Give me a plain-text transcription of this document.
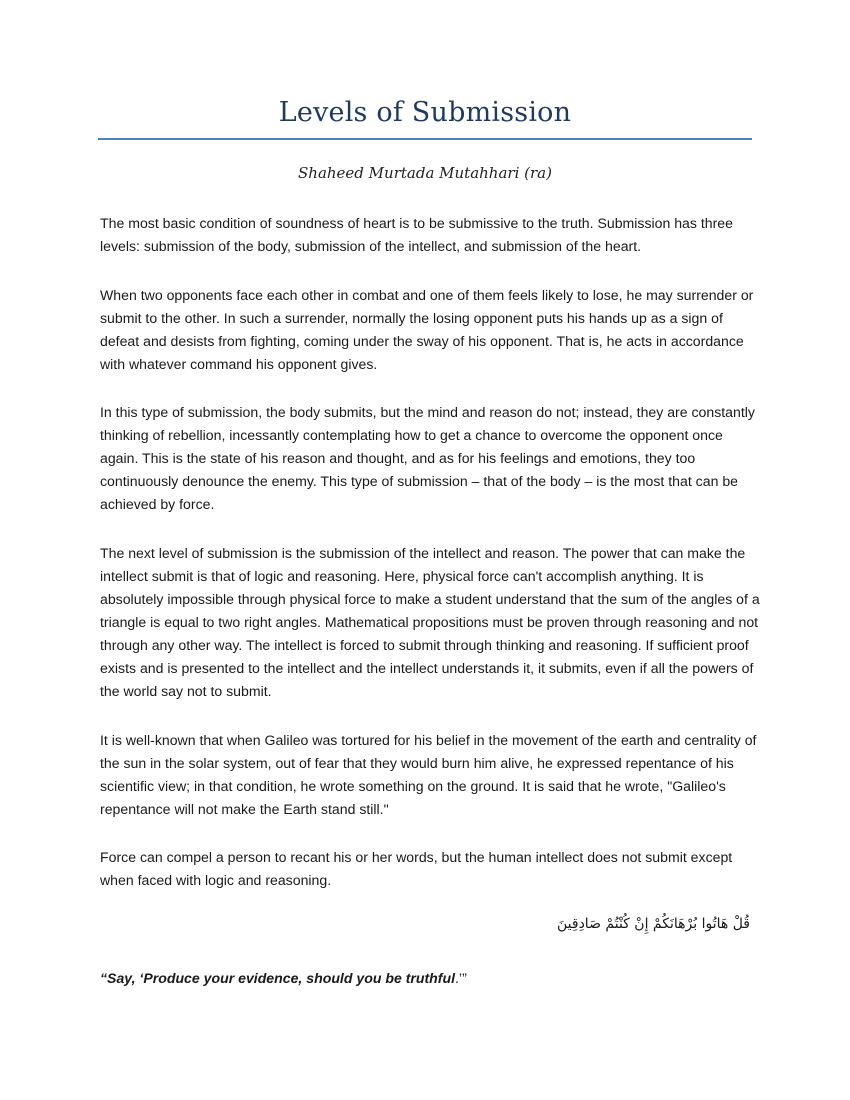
Levels of Submission

Shaheed Murtada Mutahhari (ra)

The most basic condition of soundness of heart is to be submissive to the truth. Submission has three levels: submission of the body, submission of the intellect, and submission of the heart.

When two opponents face each other in combat and one of them feels likely to lose, he may surrender or submit to the other. In such a surrender, normally the losing opponent puts his hands up as a sign of defeat and desists from fighting, coming under the sway of his opponent. That is, he acts in accordance with whatever command his opponent gives.

In this type of submission, the body submits, but the mind and reason do not; instead, they are constantly thinking of rebellion, incessantly contemplating how to get a chance to overcome the opponent once again. This is the state of his reason and thought, and as for his feelings and emotions, they too continuously denounce the enemy. This type of submission – that of the body – is the most that can be achieved by force.

The next level of submission is the submission of the intellect and reason. The power that can make the intellect submit is that of logic and reasoning. Here, physical force can't accomplish anything. It is absolutely impossible through physical force to make a student understand that the sum of the angles of a triangle is equal to two right angles. Mathematical propositions must be proven through reasoning and not through any other way. The intellect is forced to submit through thinking and reasoning. If sufficient proof exists and is presented to the intellect and the intellect understands it, it submits, even if all the powers of the world say not to submit.

It is well-known that when Galileo was tortured for his belief in the movement of the earth and centrality of the sun in the solar system, out of fear that they would burn him alive, he expressed repentance of his scientific view; in that condition, he wrote something on the ground. It is said that he wrote, "Galileo's repentance will not make the Earth stand still."

Force can compel a person to recant his or her words, but the human intellect does not submit except when faced with logic and reasoning.

قُلْ هَاتُوا بُرْهَانَكُمْ إِنْ كُنْتُمْ صَادِقِينَ

“Say, ‘Produce your evidence, should you be truthful.’”
